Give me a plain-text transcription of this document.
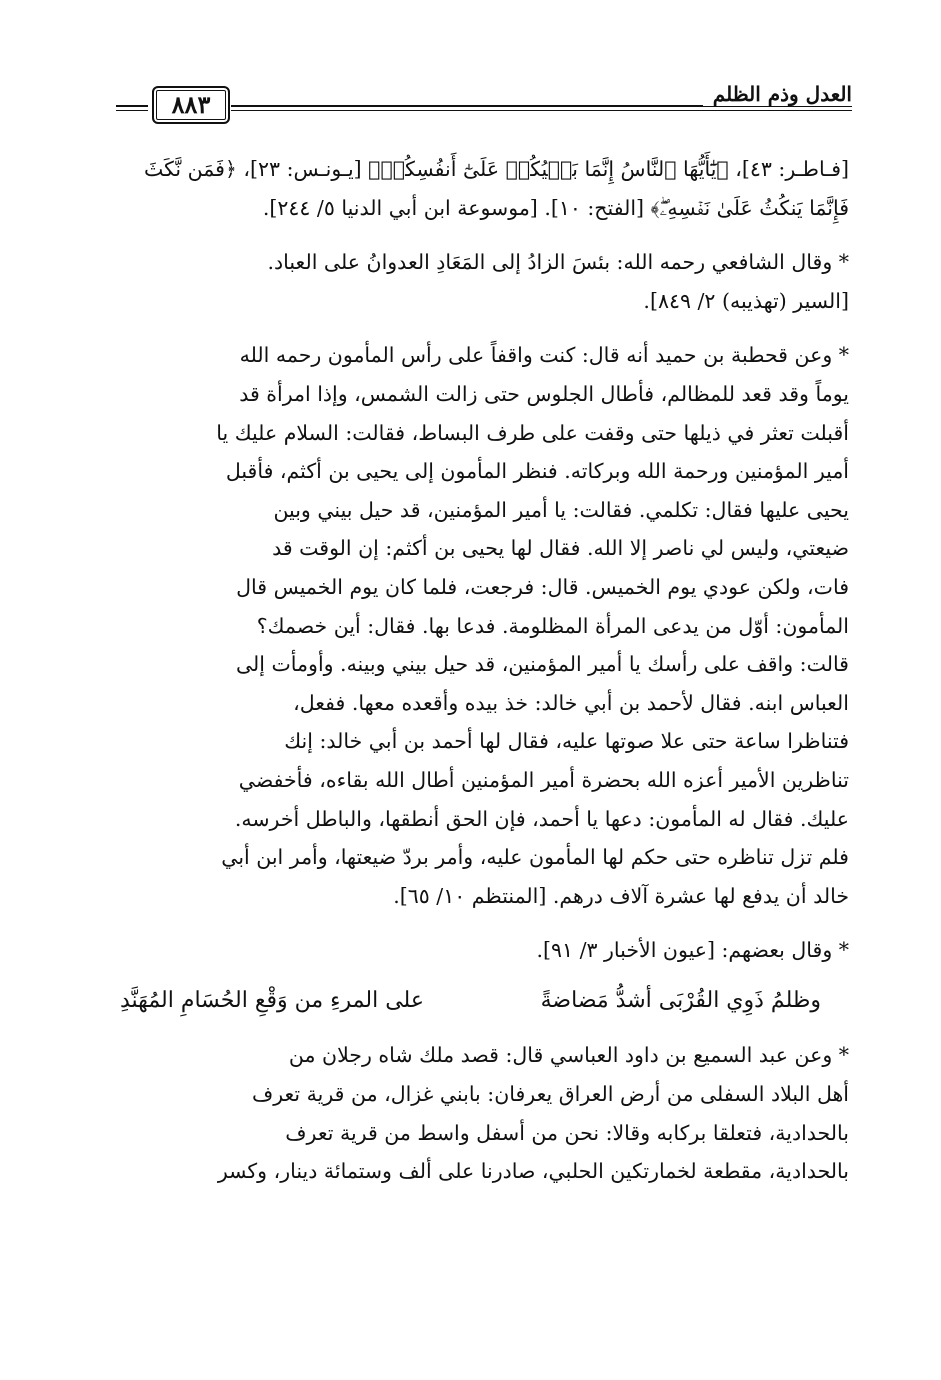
٨٨٣	العدل وذم الظلم

[فـاطـر: ٤٣]، ﴿يَٰٓأَيُّهَا ٱلنَّاسُ إِنَّمَا بَغۡيُكُمۡ عَلَىٰٓ أَنفُسِكُمۖ﴾ [يـونـس: ٢٣]، ﴿فَمَن نَّكَثَ
فَإِنَّمَا يَنكُثُ عَلَىٰ نَفۡسِهِۦۖ﴾ [الفتح: ١٠]. [موسوعة ابن أبي الدنيا ٥/ ٢٤٤].

* وقال الشافعي رحمه الله: بئسَ الزادُ إلى المَعَادِ العدوانُ على العباد.
[السير (تهذيبه) ٢/ ٨٤٩].

* وعن قحطبة بن حميد أنه قال: كنت واقفاً على رأس المأمون رحمه الله
يوماً وقد قعد للمظالم، فأطال الجلوس حتى زالت الشمس، وإذا امرأة قد
أقبلت تعثر في ذيلها حتى وقفت على طرف البساط، فقالت: السلام عليك يا
أمير المؤمنين ورحمة الله وبركاته. فنظر المأمون إلى يحيى بن أكثم، فأقبل
يحيى عليها فقال: تكلمي. فقالت: يا أمير المؤمنين، قد حيل بيني وبين
ضيعتي، وليس لي ناصر إلا الله. فقال لها يحيى بن أكثم: إن الوقت قد
فات، ولكن عودي يوم الخميس. قال: فرجعت، فلما كان يوم الخميس قال
المأمون: أوّل من يدعى المرأة المظلومة. فدعا بها. فقال: أين خصمك؟
قالت: واقف على رأسك يا أمير المؤمنين، قد حيل بيني وبينه. وأومأت إلى
العباس ابنه. فقال لأحمد بن أبي خالد: خذ بيده وأقعده معها. ففعل،
فتناظرا ساعة حتى علا صوتها عليه، فقال لها أحمد بن أبي خالد: إنك
تناظرين الأمير أعزه الله بحضرة أمير المؤمنين أطال الله بقاءه، فأخفضي
عليك. فقال له المأمون: دعها يا أحمد، فإن الحق أنطقها، والباطل أخرسه.
فلم تزل تناظره حتى حكم لها المأمون عليه، وأمر بردّ ضيعتها، وأمر ابن أبي
خالد أن يدفع لها عشرة آلاف درهم. [المنتظم ١٠/ ٦٥].

* وقال بعضهم: [عيون الأخبار ٣/ ٩١].

وظلمُ ذَوِي القُرْبَى أشدُّ مَضاضةً
على المرءِ من وَقْعِ الحُسَامِ المُهَنَّدِ

* وعن عبد السميع بن داود العباسي قال: قصد ملك شاه رجلان من
أهل البلاد السفلى من أرض العراق يعرفان: بابني غزال، من قرية تعرف
بالحدادية، فتعلقا بركابه وقالا: نحن من أسفل واسط من قرية تعرف
بالحدادية، مقطعة لخمارتكين الحلبي، صادرنا على ألف وستمائة دينار، وكسر
